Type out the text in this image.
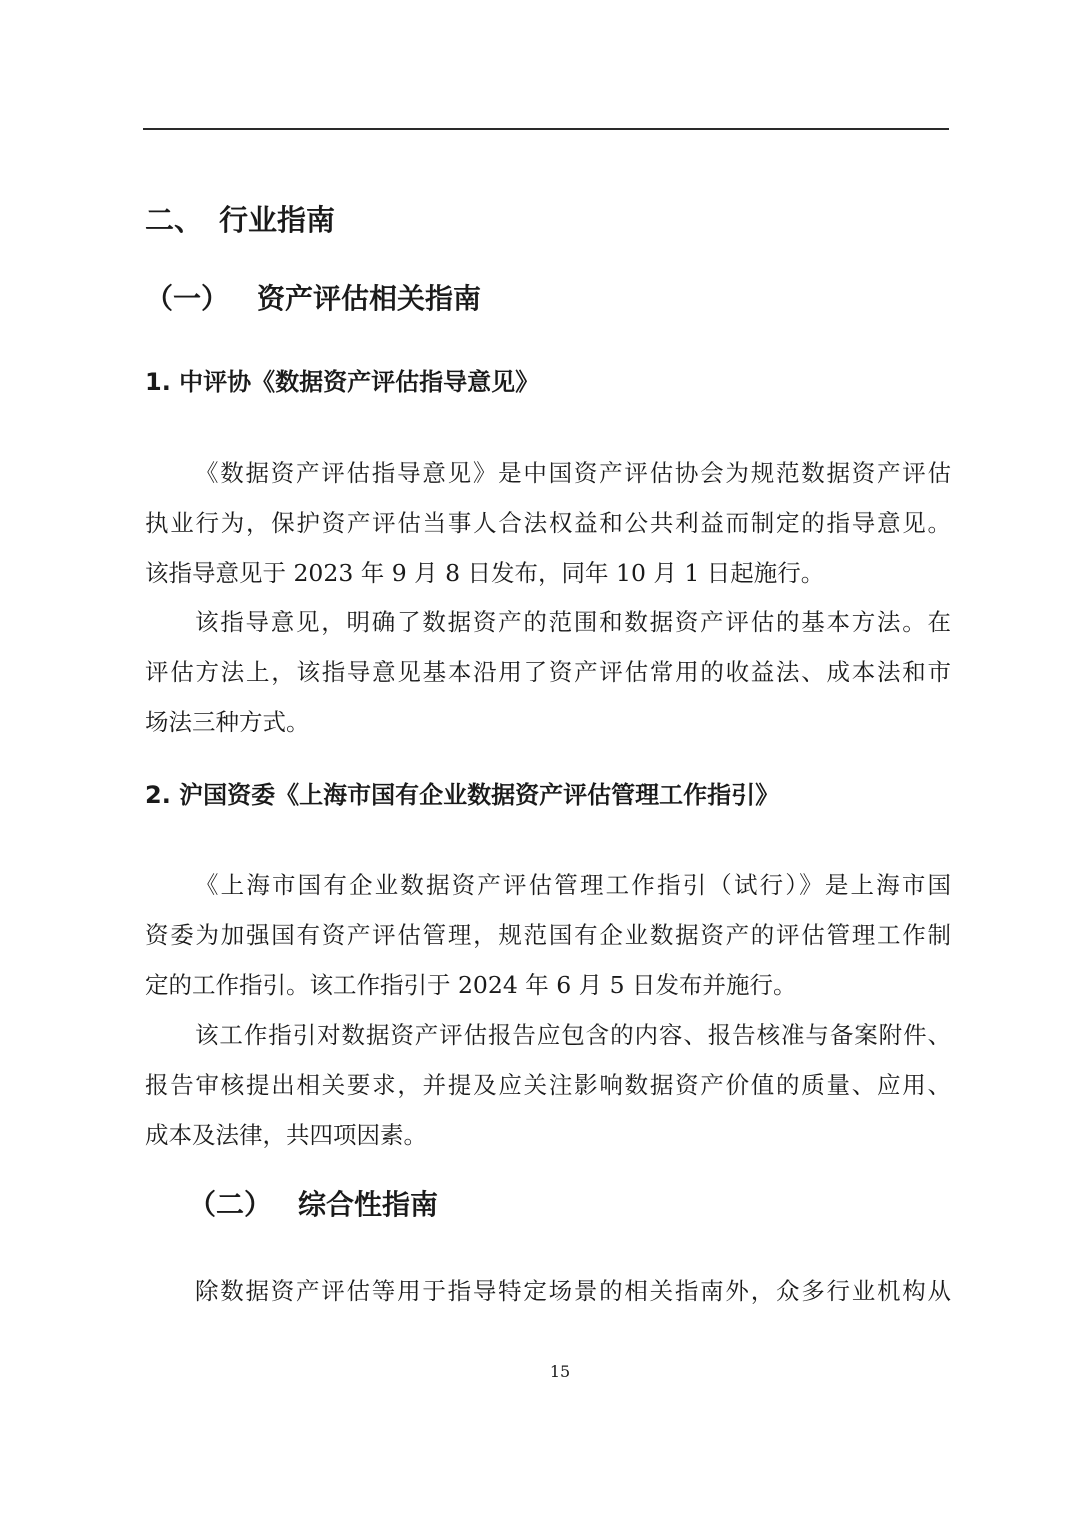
二、 行业指南
（一） 资产评估相关指南
1. 中评协《数据资产评估指导意见》
《数据资产评估指导意见》是中国资产评估协会为规范数据资产评估
执业行为，保护资产评估当事人合法权益和公共利益而制定的指导意见。
该指导意见于 2023 年 9 月 8 日发布，同年 10 月 1 日起施行。
该指导意见，明确了数据资产的范围和数据资产评估的基本方法。在
评估方法上，该指导意见基本沿用了资产评估常用的收益法、成本法和市
场法三种方式。
2. 沪国资委《上海市国有企业数据资产评估管理工作指引》
《上海市国有企业数据资产评估管理工作指引（试行）》是上海市国
资委为加强国有资产评估管理，规范国有企业数据资产的评估管理工作制
定的工作指引。该工作指引于 2024 年 6 月 5 日发布并施行。
该工作指引对数据资产评估报告应包含的内容、报告核准与备案附件、
报告审核提出相关要求，并提及应关注影响数据资产价值的质量、应用、
成本及法律，共四项因素。
（二） 综合性指南
除数据资产评估等用于指导特定场景的相关指南外，众多行业机构从
15
